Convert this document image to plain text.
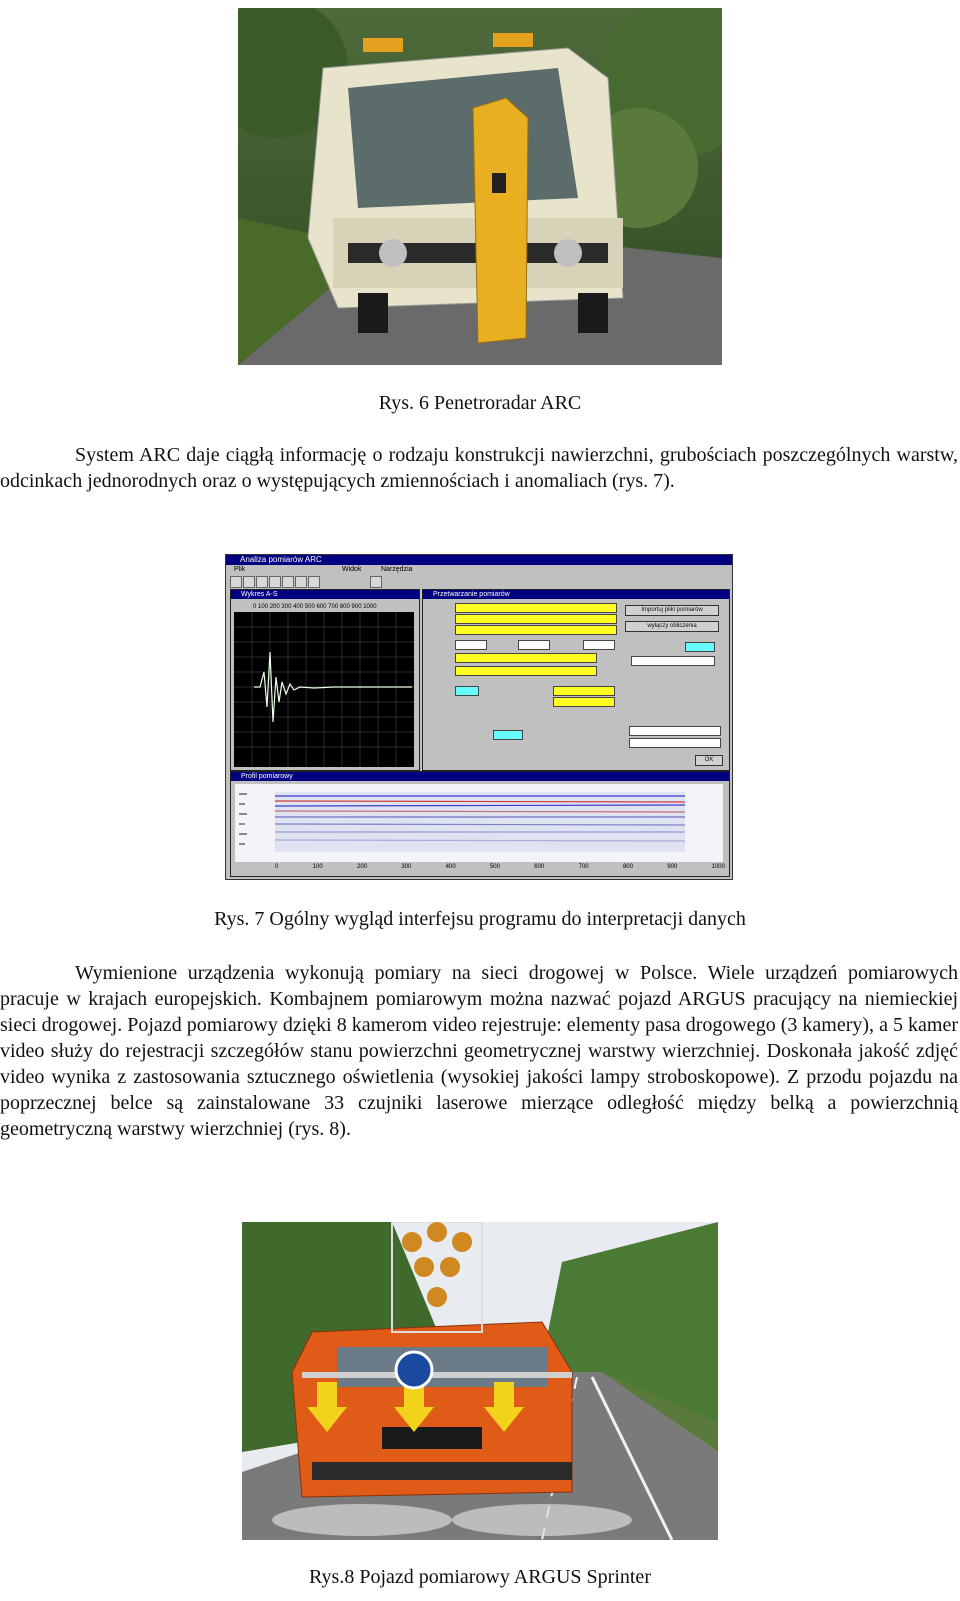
Rys. 6 Penetroradar ARC
System ARC daje ciągłą informację o rodzaju konstrukcji nawierzchni, grubościach poszczególnych warstw, odcinkach jednorodnych oraz o występujących zmiennościach i anomaliach (rys. 7).
Analiza pomiarów ARC
Plik	Widok	Narzędzia
Wykres A-S
0 100 200 300 400 500 600 700 800 900 1000
Przetwarzanie pomiarów
Importuj pliki pomiarów
wyłączy obliczenia
OK
Profil pomiarowy
0	100	200	300	400	500	600	700	800	900	1000
Rys. 7 Ogólny wygląd interfejsu programu do interpretacji danych
Wymienione urządzenia wykonują pomiary na sieci drogowej w Polsce. Wiele urządzeń pomiarowych pracuje w krajach europejskich. Kombajnem pomiarowym można nazwać pojazd ARGUS pracujący na niemieckiej sieci drogowej. Pojazd pomiarowy dzięki 8 kamerom video rejestruje: elementy pasa drogowego (3 kamery), a 5 kamer video służy do rejestracji szczegółów stanu powierzchni geometrycznej warstwy wierzchniej. Doskonała jakość zdjęć video wynika z zastosowania sztucznego oświetlenia (wysokiej jakości lampy stroboskopowe). Z przodu pojazdu na poprzecznej belce są zainstalowane 33 czujniki laserowe mierzące odległość między belką a powierzchnią geometryczną warstwy wierzchniej (rys. 8).
Rys.8 Pojazd pomiarowy ARGUS Sprinter
